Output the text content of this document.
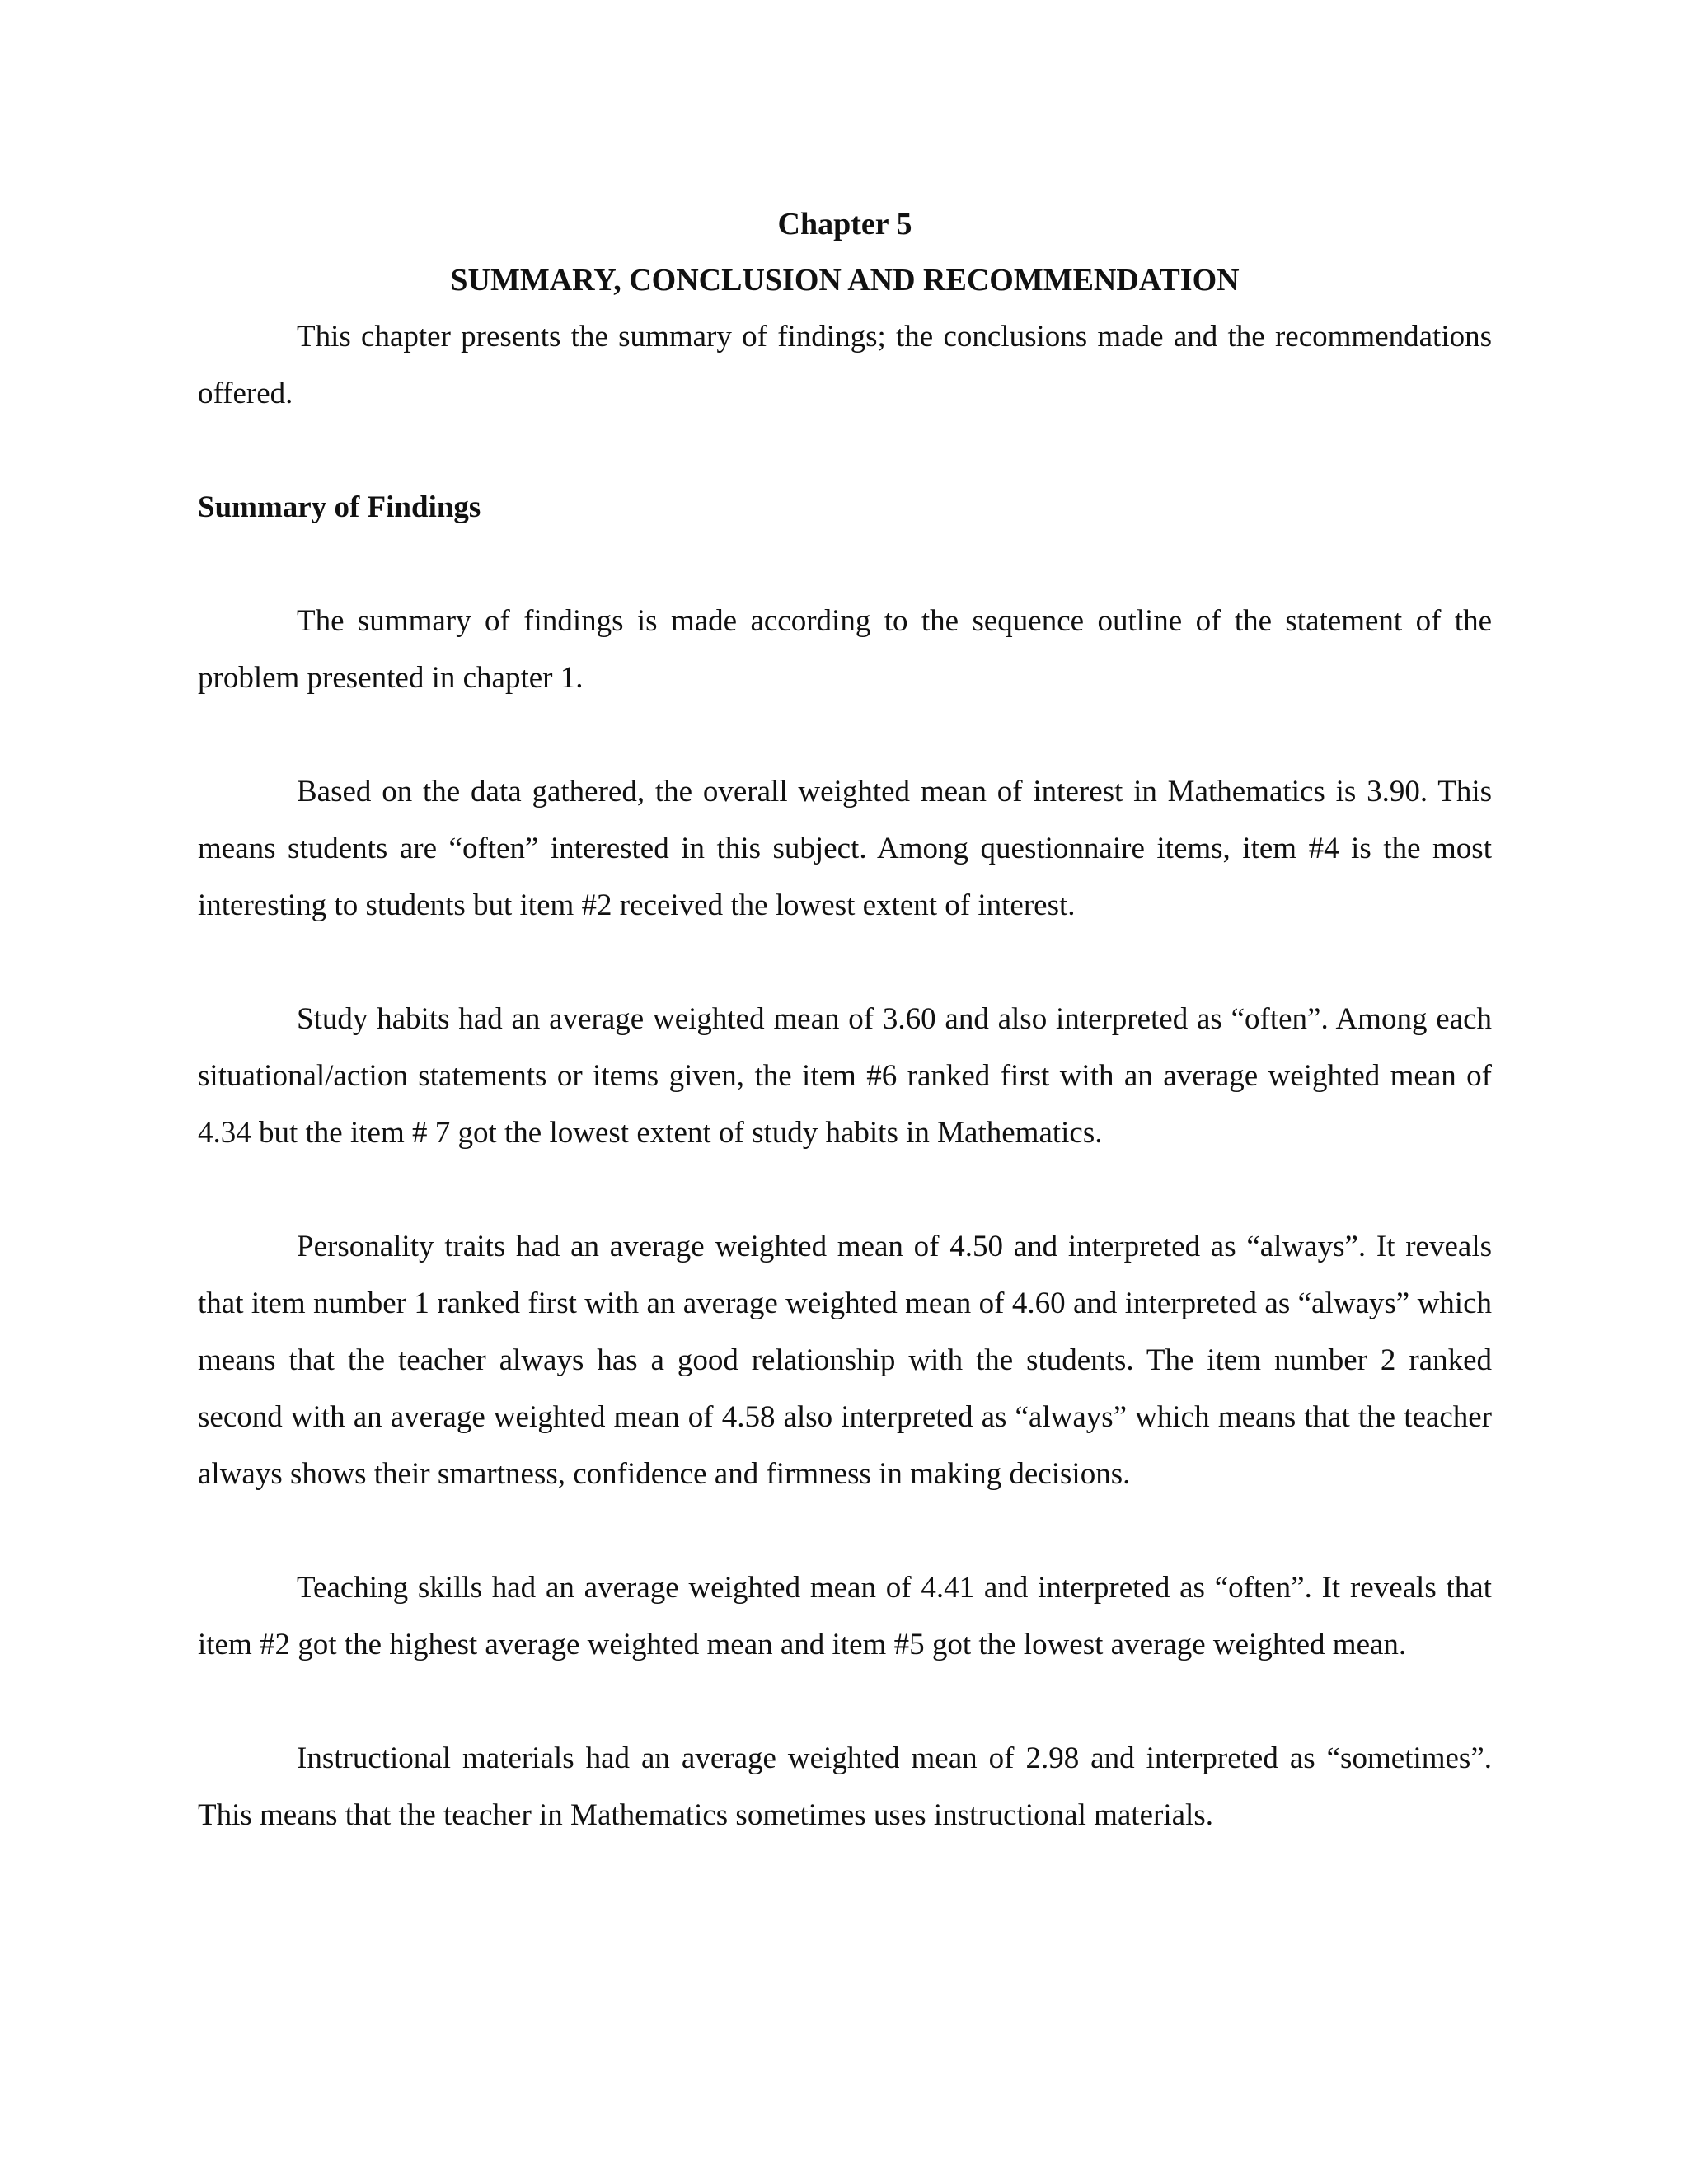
Chapter 5
SUMMARY, CONCLUSION AND RECOMMENDATION

This chapter presents the summary of findings; the conclusions made and the recommendations offered.

Summary of Findings

The summary of findings is made according to the sequence outline of the statement of the problem presented in chapter 1.

Based on the data gathered, the overall weighted mean of interest in Mathematics is 3.90. This means students are “often” interested in this subject. Among questionnaire items, item #4 is the most interesting to students but item #2 received the lowest extent of interest.

Study habits had an average weighted mean of 3.60 and also interpreted as “often”. Among each situational/action statements or items given, the item #6 ranked first with an average weighted mean of 4.34 but the item # 7 got the lowest extent of study habits in Mathematics.

Personality traits had an average weighted mean of 4.50 and interpreted as “always”. It reveals that item number 1 ranked first with an average weighted mean of 4.60 and interpreted as “always” which means that the teacher always has a good relationship with the students. The item number 2 ranked second with an average weighted mean of 4.58 also interpreted as “always” which means that the teacher always shows their smartness, confidence and firmness in making decisions.

Teaching skills had an average weighted mean of 4.41 and interpreted as “often”. It reveals that item #2 got the highest average weighted mean and item #5 got the lowest average weighted mean.

Instructional materials had an average weighted mean of 2.98 and interpreted as “sometimes”. This means that the teacher in Mathematics sometimes uses instructional materials.
